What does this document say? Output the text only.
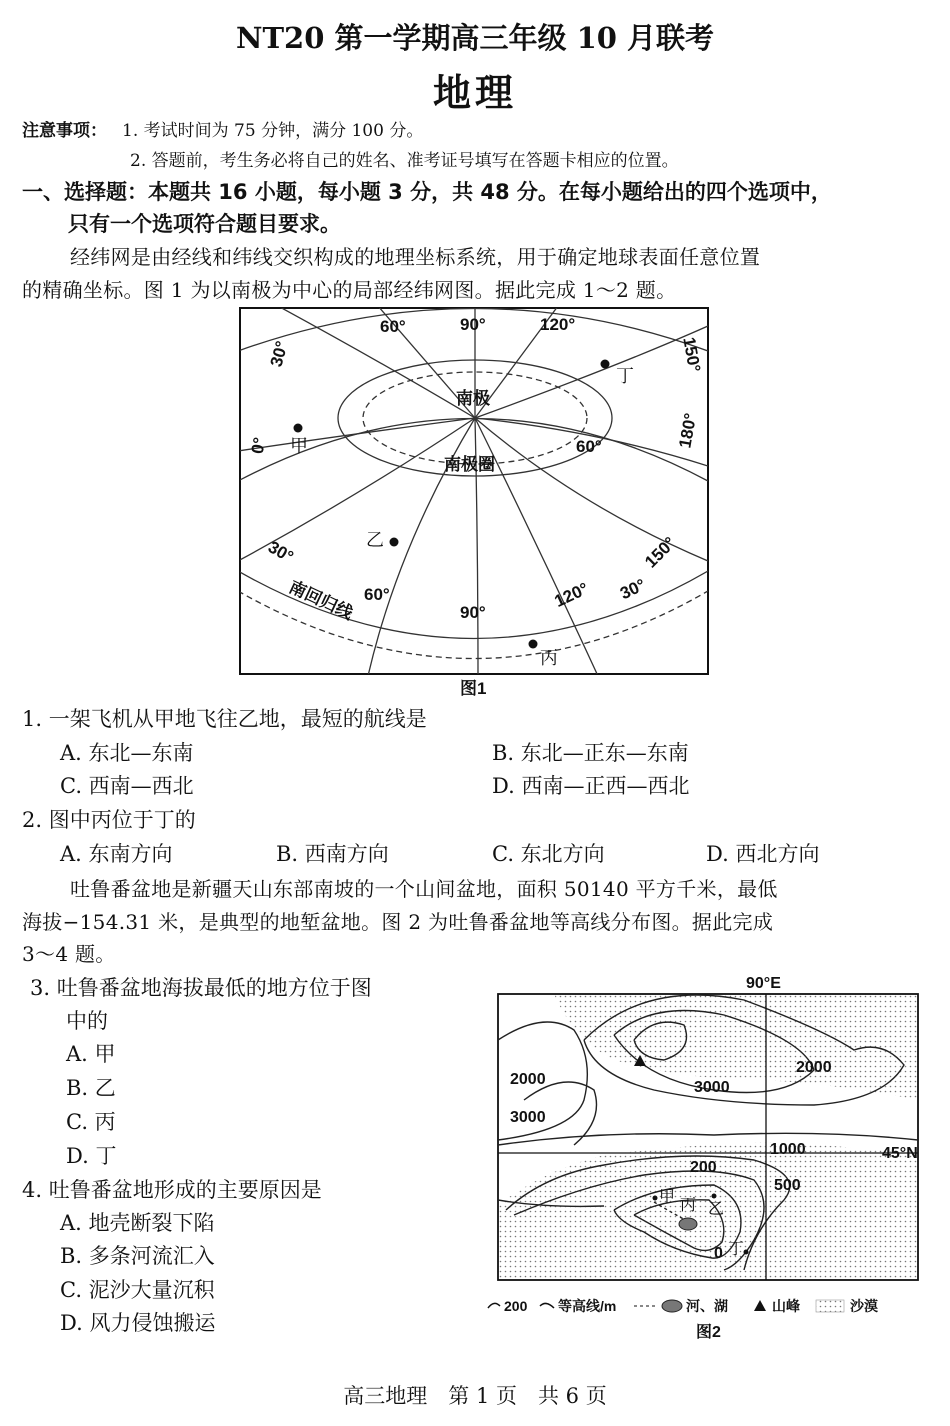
NT20 第一学期高三年级 10 月联考
地理
注意事项： 1. 考试时间为 75 分钟，满分 100 分。
2. 答题前，考生务必将自己的姓名、准考证号填写在答题卡相应的位置。
一、选择题：本题共 16 小题，每小题 3 分，共 48 分。在每小题给出的四个选项中，
只有一个选项符合题目要求。
经纬网是由经线和纬线交织构成的地理坐标系统，用于确定地球表面任意位置
的精确坐标。图 1 为以南极为中心的局部经纬网图。据此完成 1～2 题。
60°	90°	120°
30°	150°
0°	180°
南极
南极圈
60°
30°	150°
60°
90°
120° 30°
南回归线
甲
乙
丙
丁
图1
1. 一架飞机从甲地飞往乙地，最短的航线是
A. 东北—东南	B. 东北—正东—东南
C. 西南—西北	D. 西南—正西—西北
2. 图中丙位于丁的
A. 东南方向	B. 西南方向	C. 东北方向	D. 西北方向
吐鲁番盆地是新疆天山东部南坡的一个山间盆地，面积 50140 平方千米，最低
海拔−154.31 米，是典型的地堑盆地。图 2 为吐鲁番盆地等高线分布图。据此完成
3～4 题。
3. 吐鲁番盆地海拔最低的地方位于图
中的
A. 甲
B. 乙
C. 丙
D. 丁
4. 吐鲁番盆地形成的主要原因是
A. 地壳断裂下陷
B. 多条河流汇入
C. 泥沙大量沉积
D. 风力侵蚀搬运
90°E
45°N
2000
3000
3000
2000
1000
200
500
0
甲 丙 乙
丁
200 等高线/m	河、湖	山峰	沙漠
图2
高三地理　第 1 页　共 6 页
